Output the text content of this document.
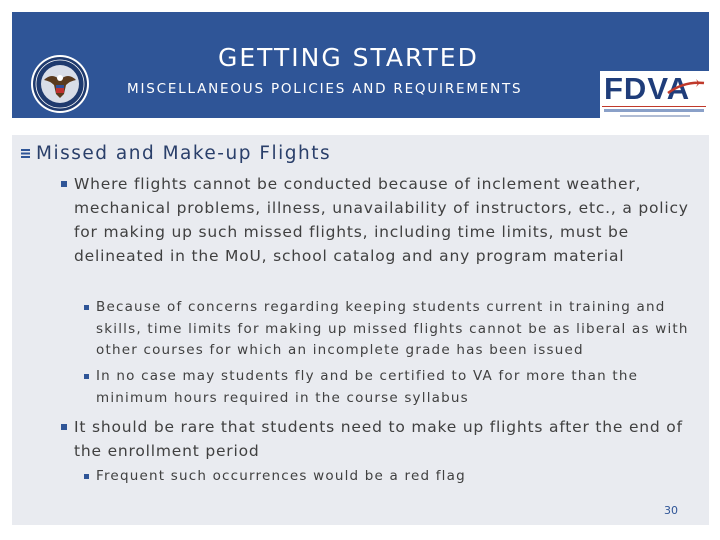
GETTING STARTED
MISCELLANEOUS POLICIES AND REQUIREMENTS	FDVA
Missed and Make-up Flights
Where flights cannot be conducted because of inclement weather, mechanical problems, illness, unavailability of instructors, etc., a policy for making up such missed flights, including time limits, must be delineated in the MoU, school catalog and any program material
Because of concerns regarding keeping students current in training and skills, time limits for making up missed flights cannot be as liberal as with other courses for which an incomplete grade has been issued
In no case may students fly and be certified to VA for more than the minimum hours required in the course syllabus
It should be rare that students need to make up flights after the end of the enrollment period
Frequent such occurrences would be a red flag
30
